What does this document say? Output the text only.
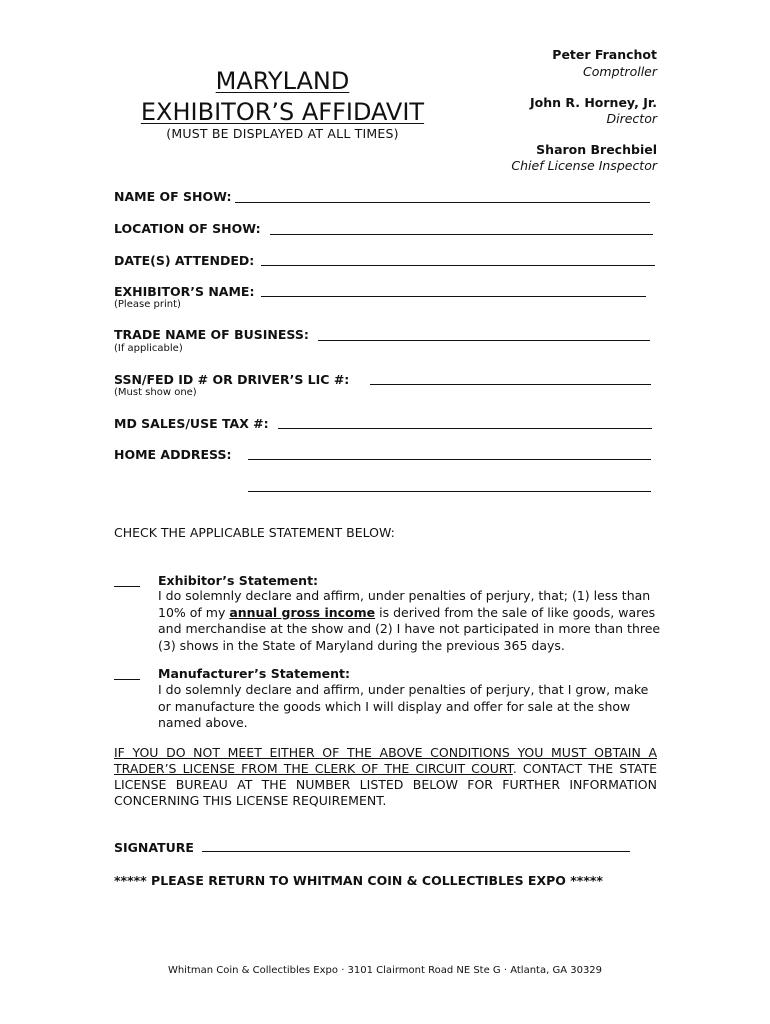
MARYLAND
EXHIBITOR’S AFFIDAVIT
(MUST BE DISPLAYED AT ALL TIMES)
Peter Franchot
Comptroller
John R. Horney, Jr.
Director
Sharon Brechbiel
Chief License Inspector
NAME OF SHOW:
LOCATION OF SHOW:
DATE(S) ATTENDED:
EXHIBITOR’S NAME:
(Please print)
TRADE NAME OF BUSINESS:
(If applicable)
SSN/FED ID # OR DRIVER’S LIC #:
(Must show one)
MD SALES/USE TAX #:
HOME ADDRESS:
CHECK THE APPLICABLE STATEMENT BELOW:
Exhibitor’s Statement:
I do solemnly declare and affirm, under penalties of perjury, that; (1) less than 10% of my annual gross income is derived from the sale of like goods, wares and merchandise at the show and (2) I have not participated in more than three (3) shows in the State of Maryland during the previous 365 days.
Manufacturer’s Statement:
I do solemnly declare and affirm, under penalties of perjury, that I grow, make or manufacture the goods which I will display and offer for sale at the show named above.
IF YOU DO NOT MEET EITHER OF THE ABOVE CONDITIONS YOU MUST OBTAIN A TRADER’S LICENSE FROM THE CLERK OF THE CIRCUIT COURT. CONTACT THE STATE LICENSE BUREAU AT THE NUMBER LISTED BELOW FOR FURTHER INFORMATION CONCERNING THIS LICENSE REQUIREMENT.
SIGNATURE
***** PLEASE RETURN TO WHITMAN COIN & COLLECTIBLES EXPO *****
Whitman Coin & Collectibles Expo · 3101 Clairmont Road NE Ste G · Atlanta, GA 30329
